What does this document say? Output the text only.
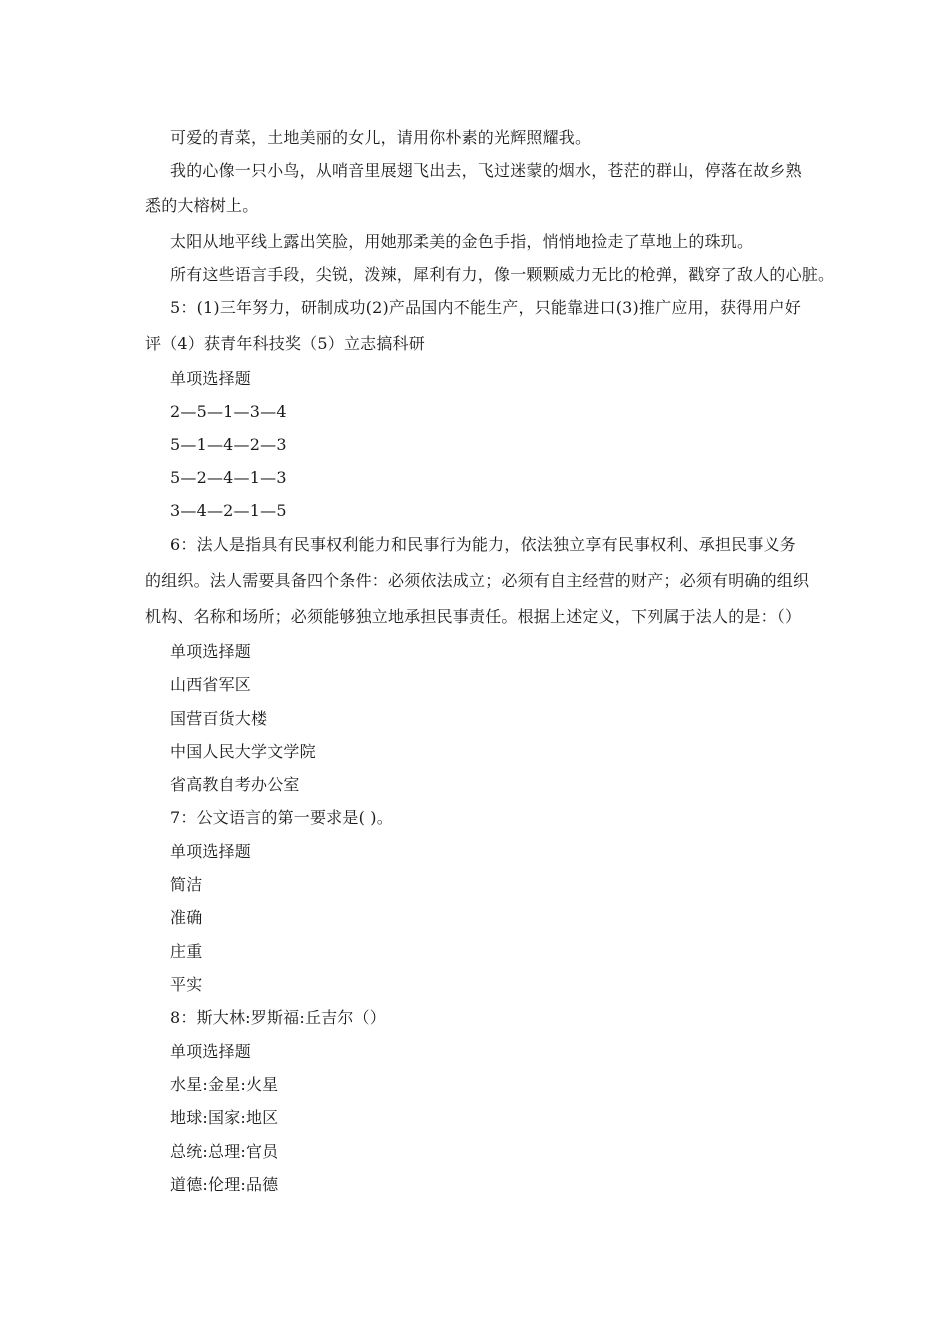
可爱的青菜，土地美丽的女儿，请用你朴素的光辉照耀我。
我的心像一只小鸟，从哨音里展翅飞出去，飞过迷蒙的烟水，苍茫的群山，停落在故乡熟
悉的大榕树上。
太阳从地平线上露出笑脸，用她那柔美的金色手指，悄悄地捡走了草地上的珠玑。
所有这些语言手段，尖锐，泼辣，犀利有力，像一颗颗威力无比的枪弹，戳穿了敌人的心脏。
5：(1)三年努力，研制成功(2)产品国内不能生产，只能靠进口(3)推广应用，获得用户好
评（4）获青年科技奖（5）立志搞科研
单项选择题
2—5—1—3—4
5—1—4—2—3
5—2—4—1—3
3—4—2—1—5
6：法人是指具有民事权利能力和民事行为能力，依法独立享有民事权利、承担民事义务
的组织。法人需要具备四个条件：必须依法成立；必须有自主经营的财产；必须有明确的组织
机构、名称和场所；必须能够独立地承担民事责任。根据上述定义，下列属于法人的是：（）
单项选择题
山西省军区
国营百货大楼
中国人民大学文学院
省高教自考办公室
7：公文语言的第一要求是( )。
单项选择题
简洁
准确
庄重
平实
8：斯大林:罗斯福:丘吉尔（）
单项选择题
水星:金星:火星
地球:国家:地区
总统:总理:官员
道德:伦理:品德
